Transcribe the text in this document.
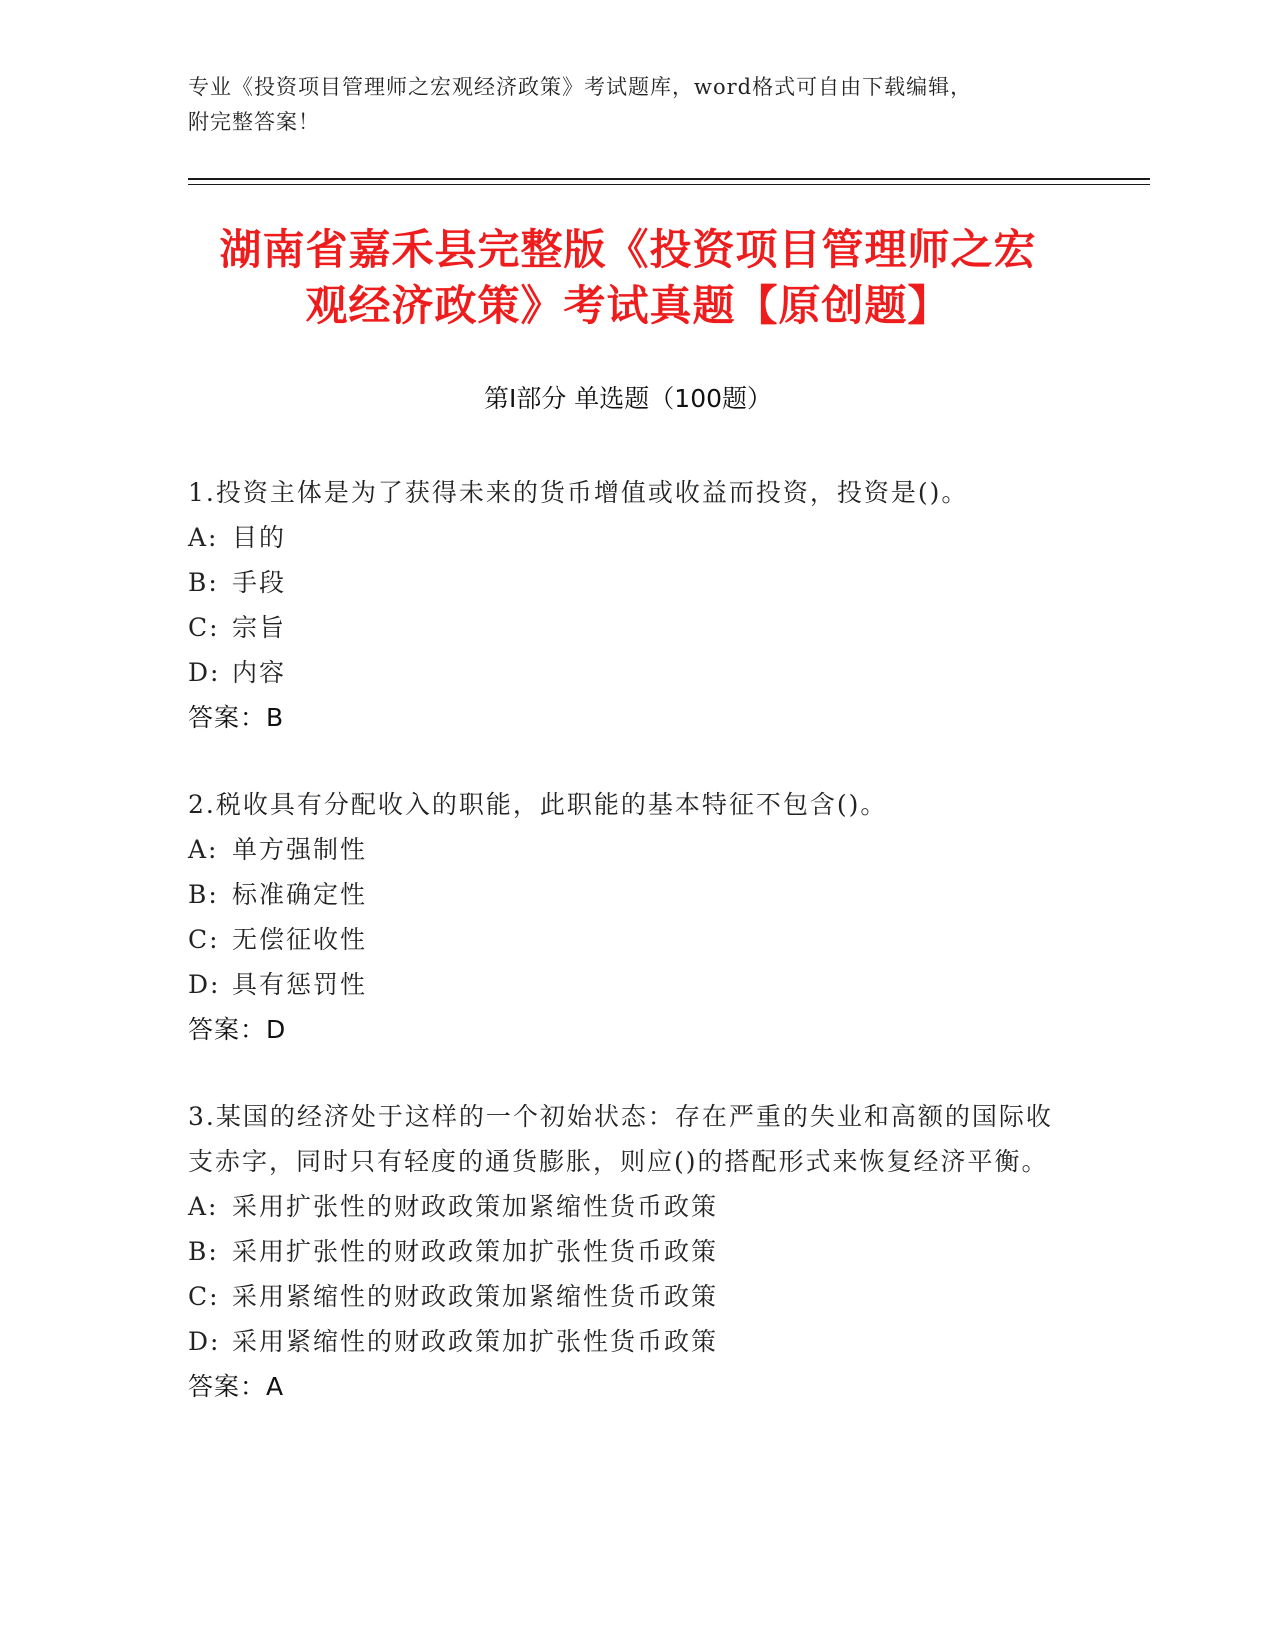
专业《投资项目管理师之宏观经济政策》考试题库，word格式可自由下载编辑，
附完整答案！
湖南省嘉禾县完整版《投资项目管理师之宏
观经济政策》考试真题【原创题】
第Ⅰ部分 单选题（100题）
1.投资主体是为了获得未来的货币增值或收益而投资，投资是()。
A: 目的
B: 手段
C: 宗旨
D: 内容
答案：B
2.税收具有分配收入的职能，此职能的基本特征不包含()。
A: 单方强制性
B: 标准确定性
C: 无偿征收性
D: 具有惩罚性
答案：D
3.某国的经济处于这样的一个初始状态：存在严重的失业和高额的国际收支赤字，同时只有轻度的通货膨胀，则应()的搭配形式来恢复经济平衡。
A: 采用扩张性的财政政策加紧缩性货币政策
B: 采用扩张性的财政政策加扩张性货币政策
C: 采用紧缩性的财政政策加紧缩性货币政策
D: 采用紧缩性的财政政策加扩张性货币政策
答案：A
